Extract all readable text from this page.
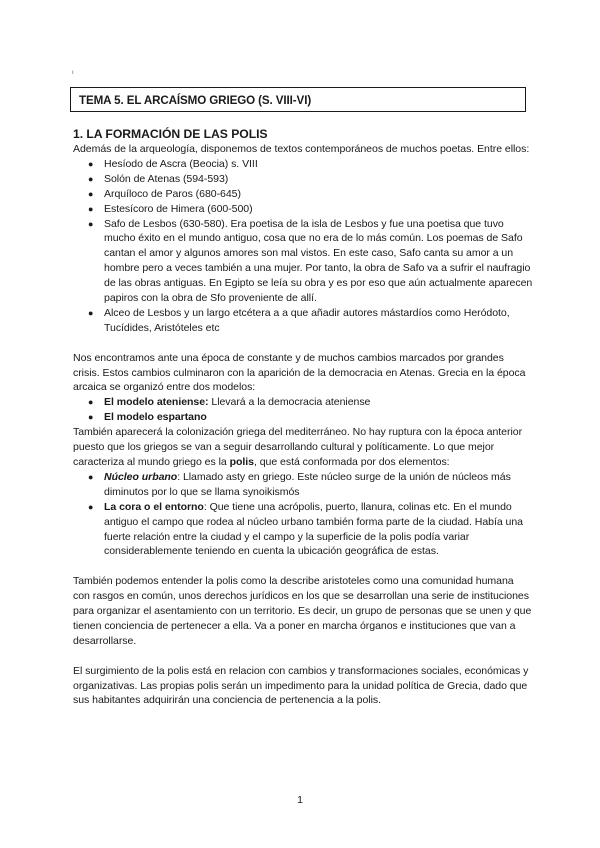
ı
TEMA 5. EL ARCAÍSMO GRIEGO (S. VIII-VI)
1. LA FORMACIÓN DE LAS POLIS

Además de la arqueología, disponemos de textos contemporáneos de muchos poetas. Entre ellos:

● Hesíodo de Ascra (Beocia) s. VIII
● Solón de Atenas (594-593)
● Arquíloco de Paros (680-645)
● Estesícoro de Himera (600-500)
● Safo de Lesbos (630-580). Era poetisa de la isla de Lesbos y fue una poetisa que tuvo mucho éxito en el mundo antiguo, cosa que no era de lo más común. Los poemas de Safo cantan el amor y algunos amores son mal vistos. En este caso, Safo canta su amor a un hombre pero a veces también a una mujer. Por tanto, la obra de Safo va a sufrir el naufragio de las obras antiguas. En Egipto se leía su obra y es por eso que aún actualmente aparecen papiros con la obra de Sfo proveniente de allí.
● Alceo de Lesbos y un largo etcétera a a que añadir autores mástardíos como Heródoto, Tucídides, Aristóteles etc

Nos encontramos ante una época de constante y de muchos cambios marcados por grandes crisis. Estos cambios culminaron con la aparición de la democracia en Atenas. Grecia en la época arcaica se organizó entre dos modelos:

● El modelo ateniense: Llevará a la democracia ateniense
● El modelo espartano

También aparecerá la colonización griega del mediterráneo. No hay ruptura con la época anterior puesto que los griegos se van a seguir desarrollando cultural y políticamente. Lo que mejor caracteriza al mundo griego es la polis, que está conformada por dos elementos:

● Núcleo urbano: Llamado asty en griego. Este núcleo surge de la unión de núcleos más diminutos por lo que se llama synoikismós
● La cora o el entorno: Que tiene una acrópolis, puerto, llanura, colinas etc. En el mundo antiguo el campo que rodea al núcleo urbano también forma parte de la ciudad. Había una fuerte relación entre la ciudad y el campo y la superficie de la polis podía variar considerablemente teniendo en cuenta la ubicación geográfica de estas.

También podemos entender la polis como la describe aristoteles como una comunidad humana con rasgos en común, unos derechos jurídicos en los que se desarrollan una serie de instituciones para organizar el asentamiento con un territorio. Es decir, un grupo de personas que se unen y que tienen conciencia de pertenecer a ella. Va a poner en marcha órganos e instituciones que van a desarrollarse.

El surgimiento de la polis está en relacion con cambios y transformaciones sociales, económicas y organizativas. Las propias polis serán un impedimento para la unidad política de Grecia, dado que sus habitantes adquirirán una conciencia de pertenencia a la polis.

1
